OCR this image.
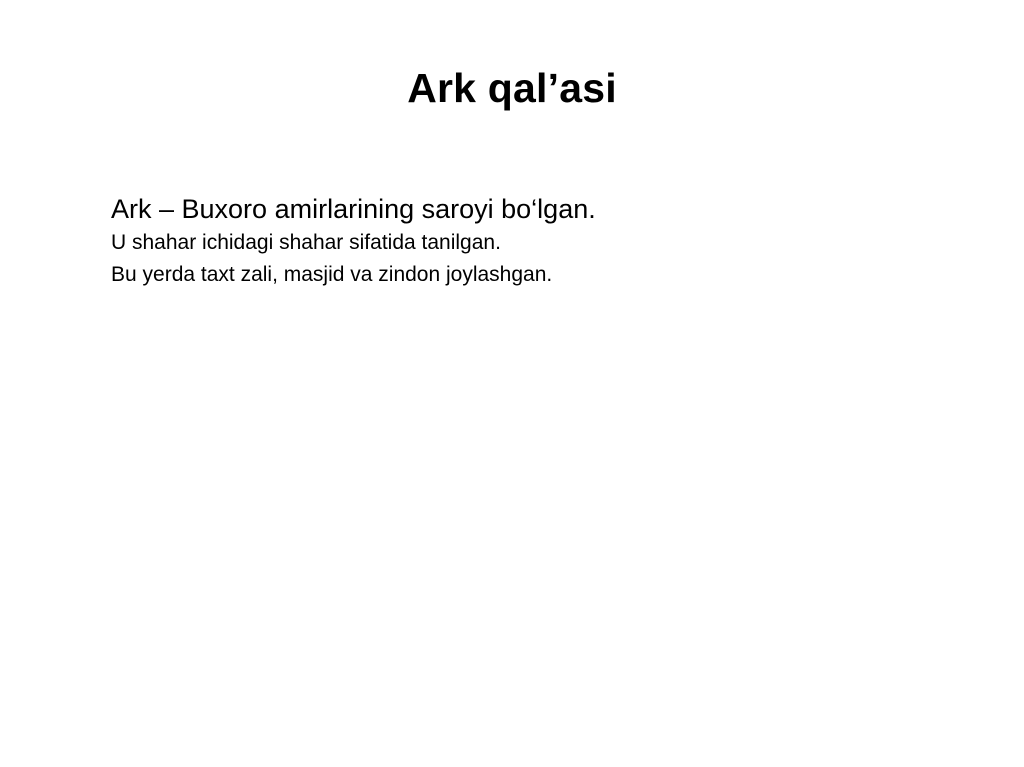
Ark qal’asi
Ark – Buxoro amirlarining saroyi bo‘lgan.
U shahar ichidagi shahar sifatida tanilgan.
Bu yerda taxt zali, masjid va zindon joylashgan.
